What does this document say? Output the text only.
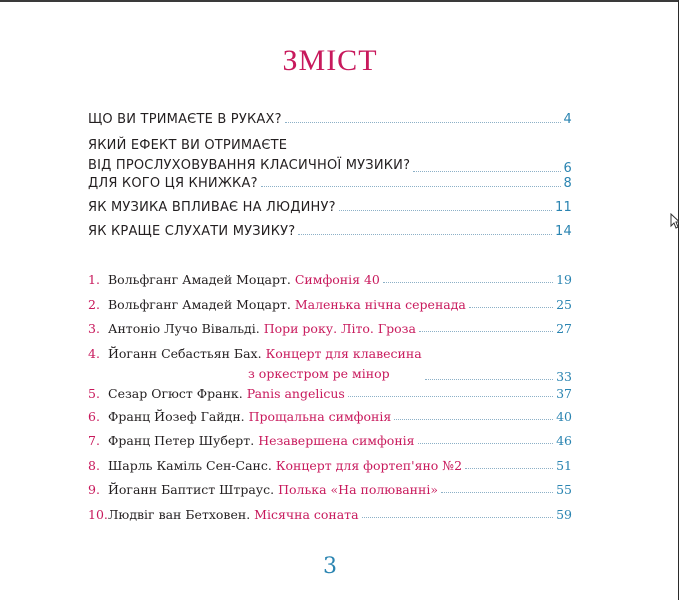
ЗМІСТ
ЩО ВИ ТРИМАЄТЕ В РУКАХ?	4
ЯКИЙ ЕФЕКТ ВИ ОТРИМАЄТЕ
ВІД ПРОСЛУХОВУВАННЯ КЛАСИЧНОЇ МУЗИКИ?	6
ДЛЯ КОГО ЦЯ КНИЖКА?	8
ЯК МУЗИКА ВПЛИВАЄ НА ЛЮДИНУ?	11
ЯК КРАЩЕ СЛУХАТИ МУЗИКУ?	14
1. Вольфганг Амадей Моцарт. Симфонія 40	19
2. Вольфганг Амадей Моцарт. Маленька нічна серенада	25
3. Антоніо Лучо Вівальді. Пори року. Літо. Гроза	27
4. Йоганн Себастьян Бах. Концерт для клавесина
з оркестром ре мінор	33
5. Сезар Огюст Франк. Panis angelicus	37
6. Франц Йозеф Гайдн. Прощальна симфонія	40
7. Франц Петер Шуберт. Незавершена симфонія	46
8. Шарль Каміль Сен-Санс. Концерт для фортеп'яно №2	51
9. Йоганн Баптист Штраус. Полька «На полюванні»	55
10.Людвіг ван Бетховен. Місячна соната	59
3
